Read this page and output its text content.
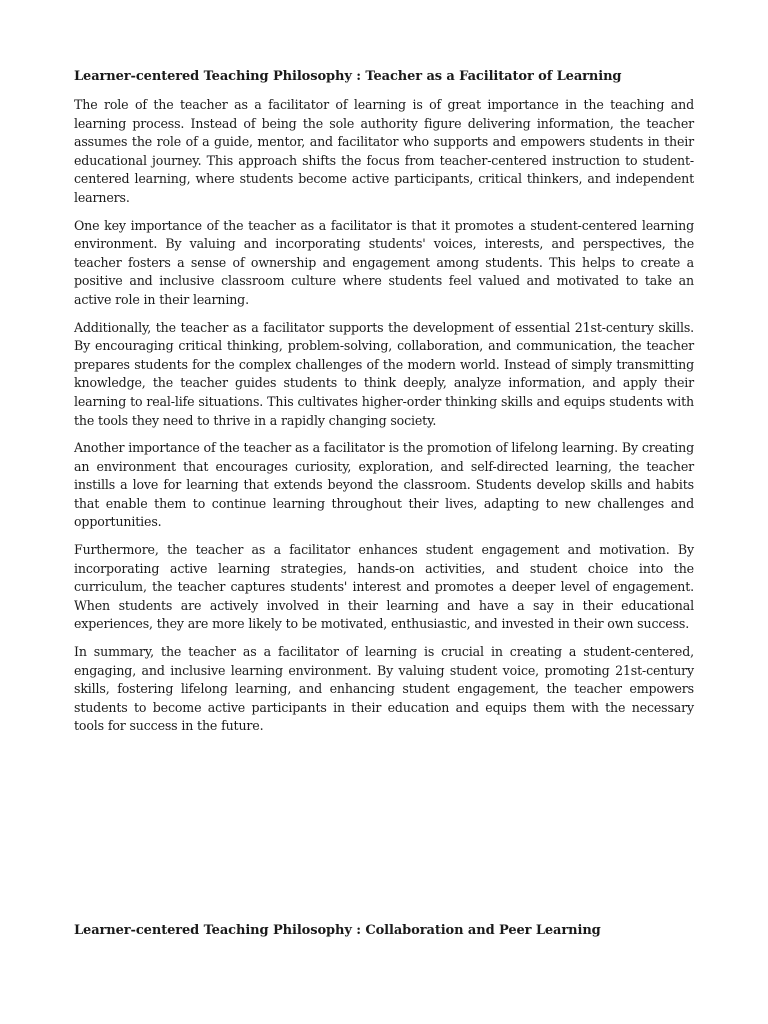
Learner-centered Teaching Philosophy : Teacher as a Facilitator of Learning

The role of the teacher as a facilitator of learning is of great importance in the teaching and learning process. Instead of being the sole authority figure delivering information, the teacher assumes the role of a guide, mentor, and facilitator who supports and empowers students in their educational journey. This approach shifts the focus from teacher-centered instruction to student-centered learning, where students become active participants, critical thinkers, and independent learners.

One key importance of the teacher as a facilitator is that it promotes a student-centered learning environment. By valuing and incorporating students' voices, interests, and perspectives, the teacher fosters a sense of ownership and engagement among students. This helps to create a positive and inclusive classroom culture where students feel valued and motivated to take an active role in their learning.

Additionally, the teacher as a facilitator supports the development of essential 21st-century skills. By encouraging critical thinking, problem-solving, collaboration, and communication, the teacher prepares students for the complex challenges of the modern world. Instead of simply transmitting knowledge, the teacher guides students to think deeply, analyze information, and apply their learning to real-life situations. This cultivates higher-order thinking skills and equips students with the tools they need to thrive in a rapidly changing society.

Another importance of the teacher as a facilitator is the promotion of lifelong learning. By creating an environment that encourages curiosity, exploration, and self-directed learning, the teacher instills a love for learning that extends beyond the classroom. Students develop skills and habits that enable them to continue learning throughout their lives, adapting to new challenges and opportunities.

Furthermore, the teacher as a facilitator enhances student engagement and motivation. By incorporating active learning strategies, hands-on activities, and student choice into the curriculum, the teacher captures students' interest and promotes a deeper level of engagement. When students are actively involved in their learning and have a say in their educational experiences, they are more likely to be motivated, enthusiastic, and invested in their own success.

In summary, the teacher as a facilitator of learning is crucial in creating a student-centered, engaging, and inclusive learning environment. By valuing student voice, promoting 21st-century skills, fostering lifelong learning, and enhancing student engagement, the teacher empowers students to become active participants in their education and equips them with the necessary tools for success in the future.

Learner-centered Teaching Philosophy : Collaboration and Peer Learning
